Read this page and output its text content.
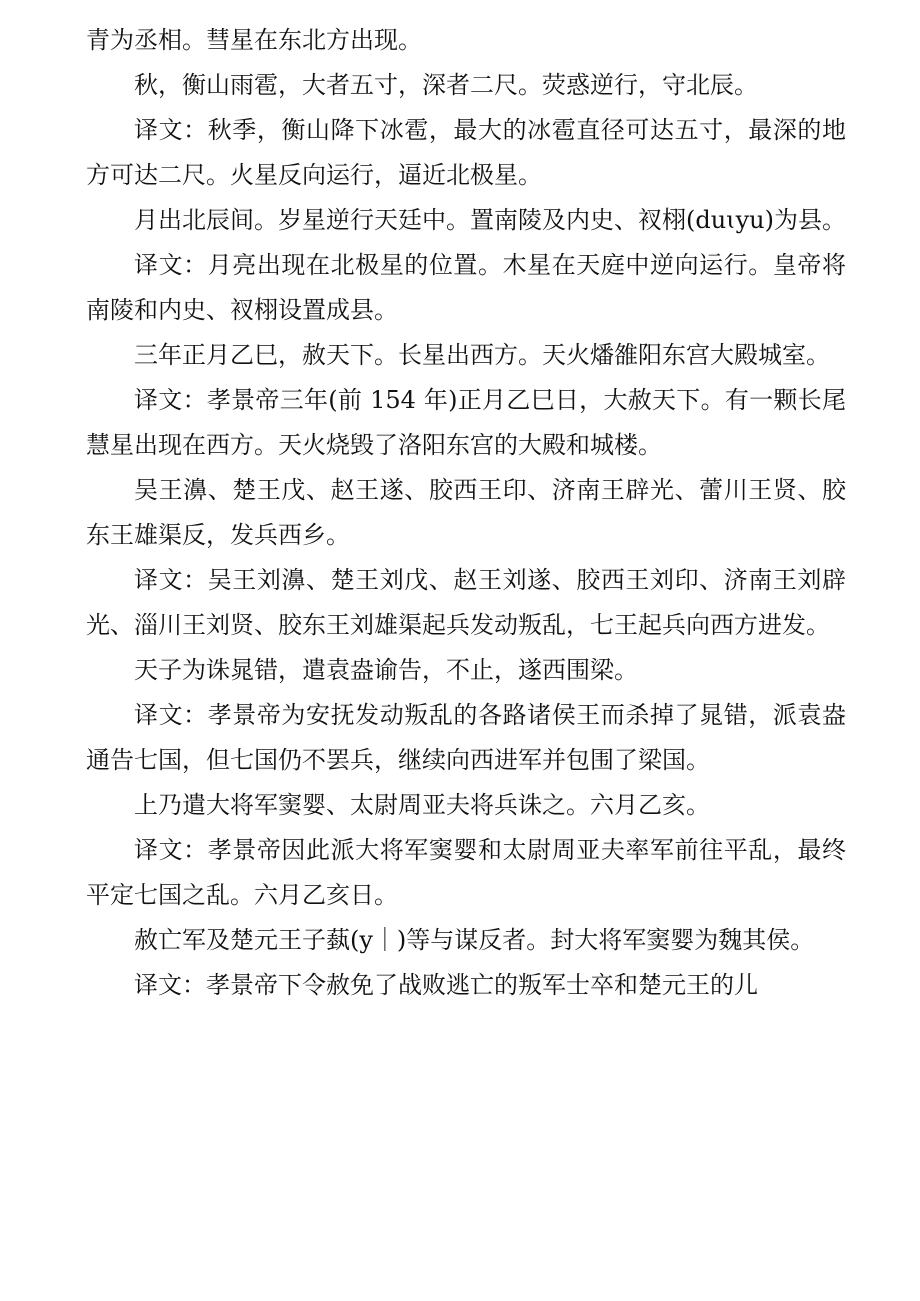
青为丞相。彗星在东北方出现。

秋，衡山雨雹，大者五寸，深者二尺。荧惑逆行，守北辰。

译文：秋季，衡山降下冰雹，最大的冰雹直径可达五寸，最深的地方可达二尺。火星反向运行，逼近北极星。

月出北辰间。岁星逆行天廷中。置南陵及内史、衩栩(duɩyu)为县。

译文：月亮出现在北极星的位置。木星在天庭中逆向运行。皇帝将南陵和内史、衩栩设置成县。

三年正月乙巳，赦天下。长星出西方。天火燔雒阳东宫大殿城室。

译文：孝景帝三年(前 154 年)正月乙巳日，大赦天下。有一颗长尾慧星出现在西方。天火烧毁了洛阳东宫的大殿和城楼。

吴王濞、楚王戊、赵王遂、胶西王印、济南王辟光、蕾川王贤、胶东王雄渠反，发兵西乡。

译文：吴王刘濞、楚王刘戊、赵王刘遂、胶西王刘印、济南王刘辟光、淄川王刘贤、胶东王刘雄渠起兵发动叛乱，七王起兵向西方进发。

天子为诛晁错，遣袁盎谕告，不止，遂西围梁。

译文：孝景帝为安抚发动叛乱的各路诸侯王而杀掉了晁错，派袁盎通告七国，但七国仍不罢兵，继续向西进军并包围了梁国。

上乃遣大将军窦婴、太尉周亚夫将兵诛之。六月乙亥。

译文：孝景帝因此派大将军窦婴和太尉周亚夫率军前往平乱，最终平定七国之乱。六月乙亥日。

赦亡军及楚元王子蓺(y｜)等与谋反者。封大将军窦婴为魏其侯。

译文：孝景帝下令赦免了战败逃亡的叛军士卒和楚元王的儿
